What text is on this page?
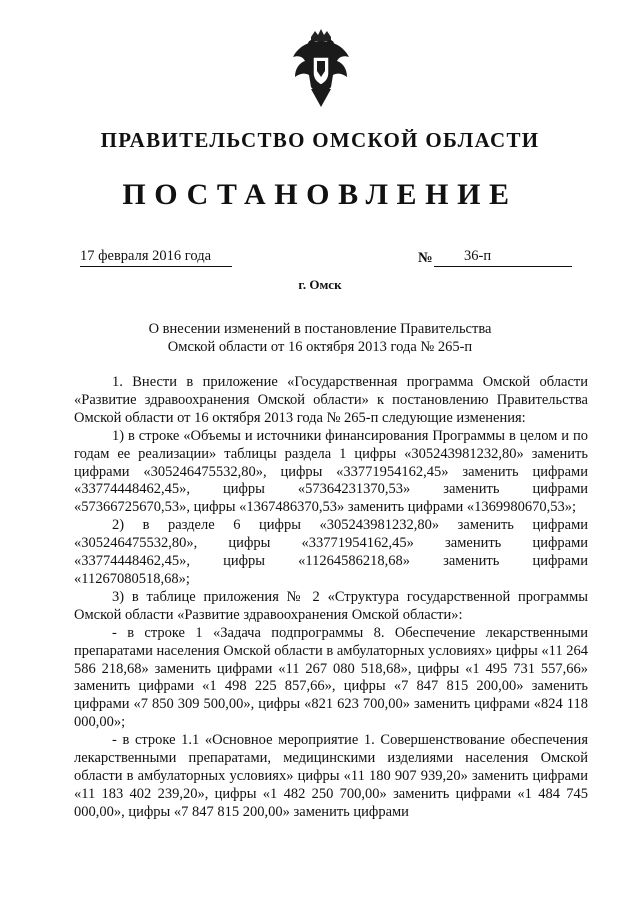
ПРАВИТЕЛЬСТВО ОМСКОЙ ОБЛАСТИ
ПОСТАНОВЛЕНИЕ
17 февраля 2016 года	№	36-п
г. Омск
О внесении изменений в постановление Правительства
Омской области от 16 октября 2013 года № 265-п

1. Внести в приложение «Государственная программа Омской области «Развитие здравоохранения Омской области» к постановлению Правительства Омской области от 16 октября 2013 года № 265-п следующие изменения:

1) в строке «Объемы и источники финансирования Программы в целом и по годам ее реализации» таблицы раздела 1 цифры «305243981232,80» заменить цифрами «305246475532,80», цифры «33771954162,45» заменить цифрами «33774448462,45», цифры «57364231370,53» заменить цифрами «57366725670,53», цифры «1367486370,53» заменить цифрами «1369980670,53»;

2) в разделе 6 цифры «305243981232,80» заменить цифрами «305246475532,80», цифры «33771954162,45» заменить цифрами «33774448462,45», цифры «11264586218,68» заменить цифрами «11267080518,68»;

3) в таблице приложения № 2 «Структура государственной программы Омской области «Развитие здравоохранения Омской области»:

- в строке 1 «Задача подпрограммы 8. Обеспечение лекарственными препаратами населения Омской области в амбулаторных условиях» цифры «11 264 586 218,68» заменить цифрами «11 267 080 518,68», цифры «1 495 731 557,66» заменить цифрами «1 498 225 857,66», цифры «7 847 815 200,00» заменить цифрами «7 850 309 500,00», цифры «821 623 700,00» заменить цифрами «824 118 000,00»;

- в строке 1.1 «Основное мероприятие 1. Совершенствование обеспечения лекарственными препаратами, медицинскими изделиями населения Омской области в амбулаторных условиях» цифры «11 180 907 939,20» заменить цифрами «11 183 402 239,20», цифры «1 482 250 700,00» заменить цифрами «1 484 745 000,00», цифры «7 847 815 200,00» заменить цифрами
